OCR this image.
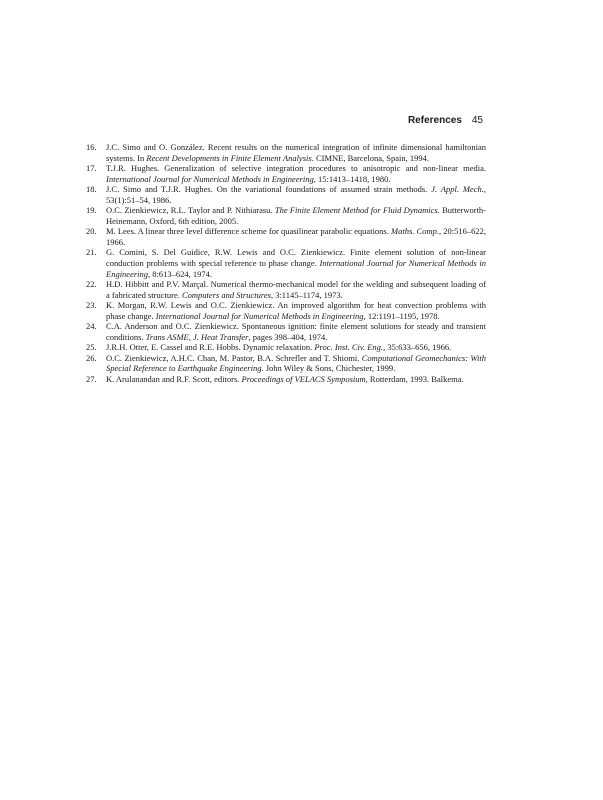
References 45
16. J.C. Simo and O. González. Recent results on the numerical integration of infinite dimensional hamiltonian systems. In Recent Developments in Finite Element Analysis. CIMNE, Barcelona, Spain, 1994.
17. T.J.R. Hughes. Generalization of selective integration procedures to anisotropic and non-linear media. International Journal for Numerical Methods in Engineering, 15:1413–1418, 1980.
18. J.C. Simo and T.J.R. Hughes. On the variational foundations of assumed strain methods. J. Appl. Mech., 53(1):51–54, 1986.
19. O.C. Zienkiewicz, R.L. Taylor and P. Nithiarasu. The Finite Element Method for Fluid Dynamics. Butterworth-Heinemann, Oxford, 6th edition, 2005.
20. M. Lees. A linear three level difference scheme for quasilinear parabolic equations. Maths. Comp., 20:516–622, 1966.
21. G. Comini, S. Del Guidice, R.W. Lewis and O.C. Zienkiewicz. Finite element solution of non-linear conduction problems with special reference to phase change. International Journal for Numerical Methods in Engineering, 8:613–624, 1974.
22. H.D. Hibbitt and P.V. Marçal. Numerical thermo-mechanical model for the welding and subsequent loading of a fabricated structure. Computers and Structures, 3:1145–1174, 1973.
23. K. Morgan, R.W. Lewis and O.C. Zienkiewicz. An improved algorithm for heat convection problems with phase change. International Journal for Numerical Methods in Engineering, 12:1191–1195, 1978.
24. C.A. Anderson and O.C. Zienkiewicz. Spontaneous ignition: finite element solutions for steady and transient conditions. Trans ASME, J. Heat Transfer, pages 398–404, 1974.
25. J.R.H. Otter, E. Cassel and R.E. Hobbs. Dynamic relaxation. Proc. Inst. Civ. Eng., 35:633–656, 1966.
26. O.C. Zienkiewicz, A.H.C. Chan, M. Pastor, B.A. Schrefler and T. Shiomi. Computational Geomechanics: With Special Reference to Earthquake Engineering. John Wiley & Sons, Chichester, 1999.
27. K. Arulanandan and R.F. Scott, editors. Proceedings of VELACS Symposium, Rotterdam, 1993. Balkema.
